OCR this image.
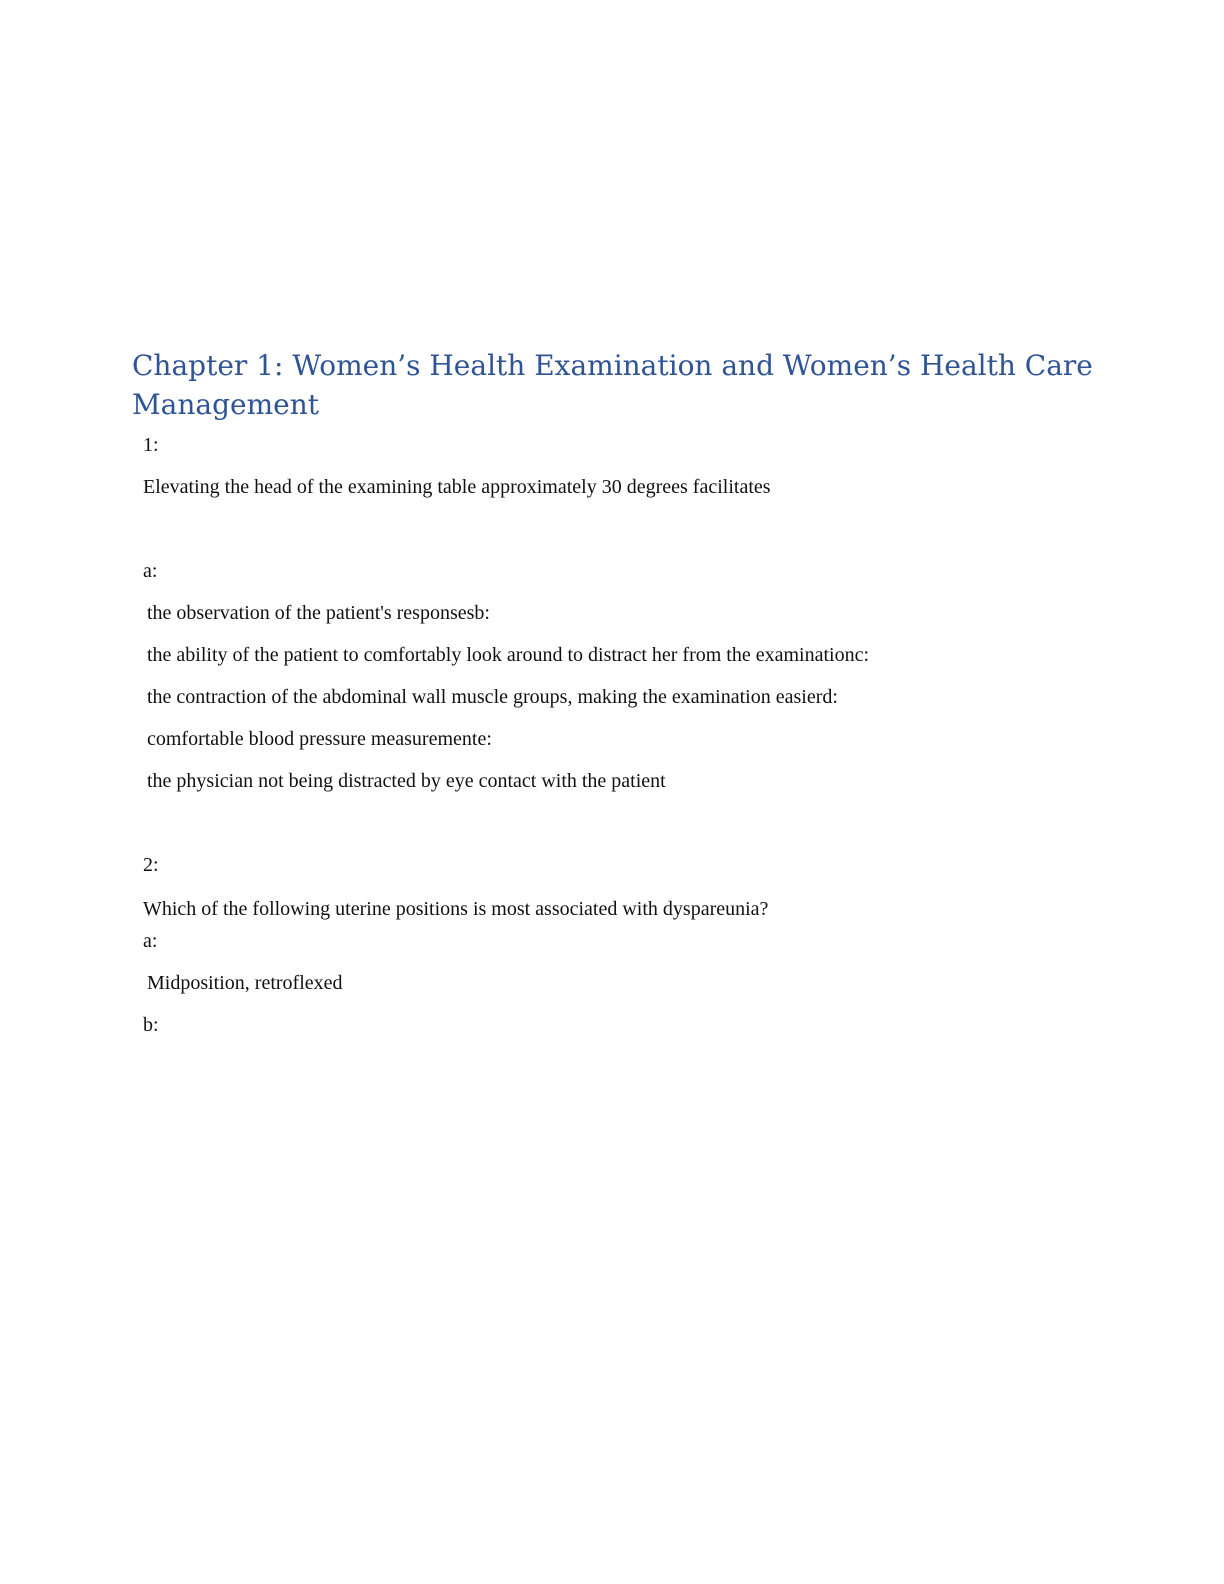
Chapter 1: Women’s Health Examination and Women’s Health Care Management

1:

Elevating the head of the examining table approximately 30 degrees facilitates

a:

the observation of the patient's responsesb:

the ability of the patient to comfortably look around to distract her from the examinationc:

the contraction of the abdominal wall muscle groups, making the examination easierd:

comfortable blood pressure measuremente:

the physician not being distracted by eye contact with the patient

2:

Which of the following uterine positions is most associated with dyspareunia?

a:

Midposition, retroflexed

b:
